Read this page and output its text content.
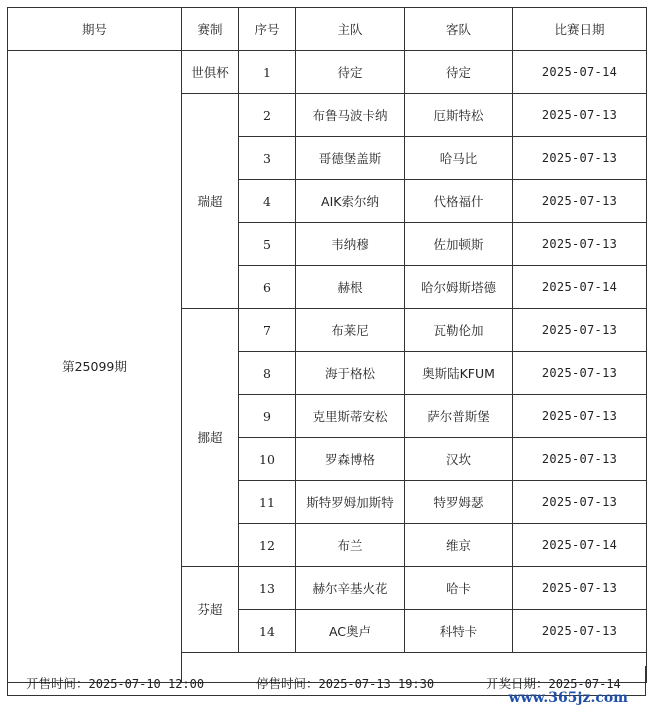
期号	赛制	序号	主队	客队	比赛日期
第25099期	世俱杯	1	待定	待定	2025-07-14
	瑞超	2	布鲁马波卡纳	厄斯特松	2025-07-13
		3	哥德堡盖斯	哈马比	2025-07-13
		4	AIK索尔纳	代格福什	2025-07-13
		5	韦纳穆	佐加顿斯	2025-07-13
		6	赫根	哈尔姆斯塔德	2025-07-14
	挪超	7	布莱尼	瓦勒伦加	2025-07-13
		8	海于格松	奥斯陆KFUM	2025-07-13
		9	克里斯蒂安松	萨尔普斯堡	2025-07-13
		10	罗森博格	汉坎	2025-07-13
		11	斯特罗姆加斯特	特罗姆瑟	2025-07-13
		12	布兰	维京	2025-07-14
	芬超	13	赫尔辛基火花	哈卡	2025-07-13
		14	AC奥卢	科特卡	2025-07-13

开售时间：2025-07-10 12:00	停售时间：2025-07-13 19:30	开奖日期：2025-07-14
www.365jz.com
